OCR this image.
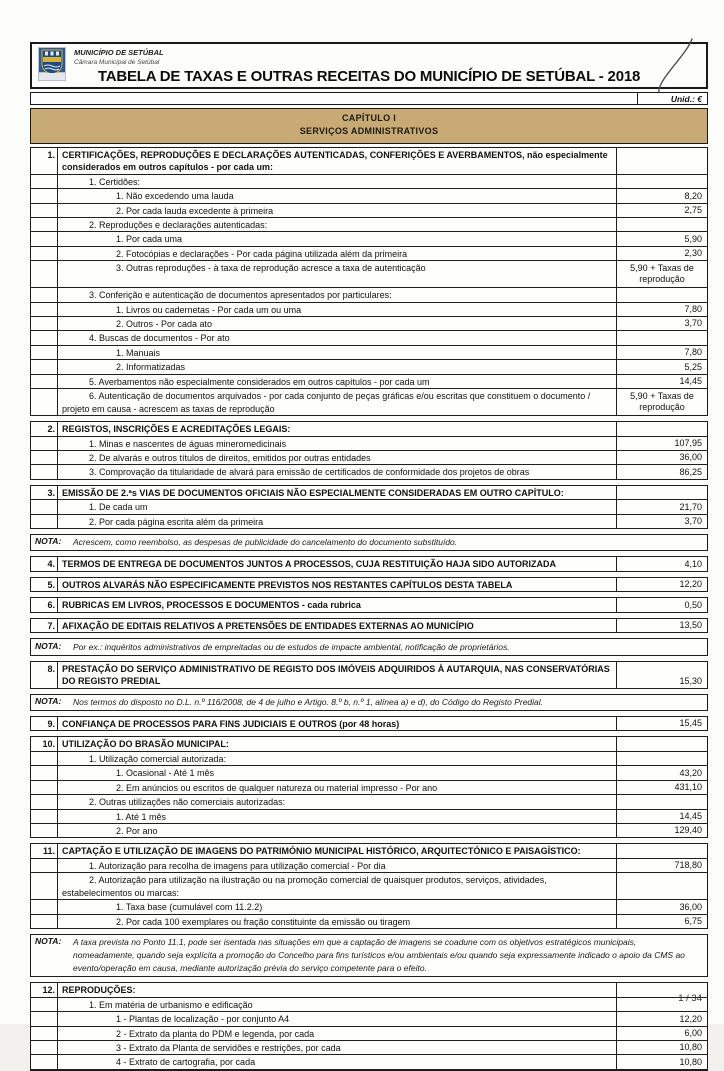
MUNICÍPIO DE SETÚBAL
Câmara Municipal de Setúbal
TABELA DE TAXAS E OUTRAS RECEITAS DO MUNICÍPIO DE SETÚBAL - 2018
Unid.: €
CAPÍTULO I
SERVIÇOS ADMINISTRATIVOS
1. CERTIFICAÇÕES, REPRODUÇÕES E DECLARAÇÕES AUTENTICADAS, CONFERIÇÕES E AVERBAMENTOS, não especialmente considerados em outros capítulos - por cada um:
1. Certidões:
1. Não excedendo uma lauda	8,20
2. Por cada lauda excedente à primeira	2,75
2. Reproduções e declarações autenticadas:
1. Por cada uma	5,90
2. Fotocópias e declarações - Por cada página utilizada além da primeira	2,30
3. Outras reproduções - à taxa de reprodução acresce a taxa de autenticação	5,90 + Taxas de reprodução
3. Conferição e autenticação de documentos apresentados por particulares:
1. Livros ou cadernetas - Por cada um ou uma	7,80
2. Outros - Por cada ato	3,70
4. Buscas de documentos - Por ato
1. Manuais	7,80
2. Informatizadas	5,25
5. Averbamentos não especialmente considerados em outros capítulos - por cada um	14,45
6. Autenticação de documentos arquivados - por cada conjunto de peças gráficas e/ou escritas que constituem o documento / projeto em causa - acrescem as taxas de reprodução
5,90 + Taxas de reprodução
2. REGISTOS, INSCRIÇÕES E ACREDITAÇÕES LEGAIS:
1. Minas e nascentes de águas mineromedicinais	107,95
2. De alvarás e outros títulos de direitos, emitidos por outras entidades	36,00
3. Comprovação da titularidade de alvará para emissão de certificados de conformidade dos projetos de obras	86,25
3. EMISSÃO DE 2.ªs VIAS DE DOCUMENTOS OFICIAIS NÃO ESPECIALMENTE CONSIDERADAS EM OUTRO CAPÍTULO:
1. De cada um	21,70
2. Por cada página escrita além da primeira	3,70
NOTA:	Acrescem, como reembolso, as despesas de publicidade do cancelamento do documento substituído.
4. TERMOS DE ENTREGA DE DOCUMENTOS JUNTOS A PROCESSOS, CUJA RESTITUIÇÃO HAJA SIDO AUTORIZADA	4,10
5. OUTROS ALVARÁS NÃO ESPECIFICAMENTE PREVISTOS NOS RESTANTES CAPÍTULOS DESTA TABELA	12,20
6. RUBRICAS EM LIVROS, PROCESSOS E DOCUMENTOS - cada rubrica	0,50
7. AFIXAÇÃO DE EDITAIS RELATIVOS A PRETENSÕES DE ENTIDADES EXTERNAS AO MUNICÍPIO	13,50
NOTA:	Por ex.: inquéritos administrativos de empreitadas ou de estudos de impacte ambiental, notificação de proprietários.
8. PRESTAÇÃO DO SERVIÇO ADMINISTRATIVO DE REGISTO DOS IMÓVEIS ADQUIRIDOS À AUTARQUIA, NAS CONSERVATÓRIAS DO REGISTO PREDIAL	15,30
NOTA:	Nos termos do disposto no D.L. n.º 116/2008, de 4 de julho e Artigo. 8.º b, n.º 1, alínea a) e d), do Código do Registo Predial.
9. CONFIANÇA DE PROCESSOS PARA FINS JUDICIAIS E OUTROS (por 48 horas)	15,45
10. UTILIZAÇÃO DO BRASÃO MUNICIPAL:
1. Utilização comercial autorizada:
1. Ocasional - Até 1 mês	43,20
2. Em anúncios ou escritos de qualquer natureza ou material impresso - Por ano	431,10
2. Outras utilizações não comerciais autorizadas:
1. Até 1 mês	14,45
2. Por ano	129,40
11. CAPTAÇÃO E UTILIZAÇÃO DE IMAGENS DO PATRIMÓNIO MUNICIPAL HISTÓRICO, ARQUITECTÓNICO E PAISAGÍSTICO:
1. Autorização para recolha de imagens para utilização comercial - Por dia	718,80
2. Autorização para utilização na ilustração ou na promoção comercial de quaisquer produtos, serviços, atividades, estabelecimentos ou marcas:
1. Taxa base (cumulável com 11.2.2)	36,00
2. Por cada 100 exemplares ou fração constituinte da emissão ou tiragem	6,75
NOTA:	A taxa prevista no Ponto 11.1, pode ser isentada nas situações em que a captação de imagens se coadune com os objetivos estratégicos municipais, nomeadamente, quando seja explícita a promoção do Concelho para fins turísticos e/ou ambientais e/ou quando seja expressamente indicado o apoio da CMS ao evento/operação em causa, mediante autorização prévia do serviço competente para o efeito.
12. REPRODUÇÕES:
1. Em matéria de urbanismo e edificação
1 - Plantas de localização - por conjunto A4	12,20
2 - Extrato da planta do PDM e legenda, por cada	6,00
3 - Extrato da Planta de servidões e restrições, por cada	10,80
4 - Extrato de cartografia, por cada	10,80
1 / 34
